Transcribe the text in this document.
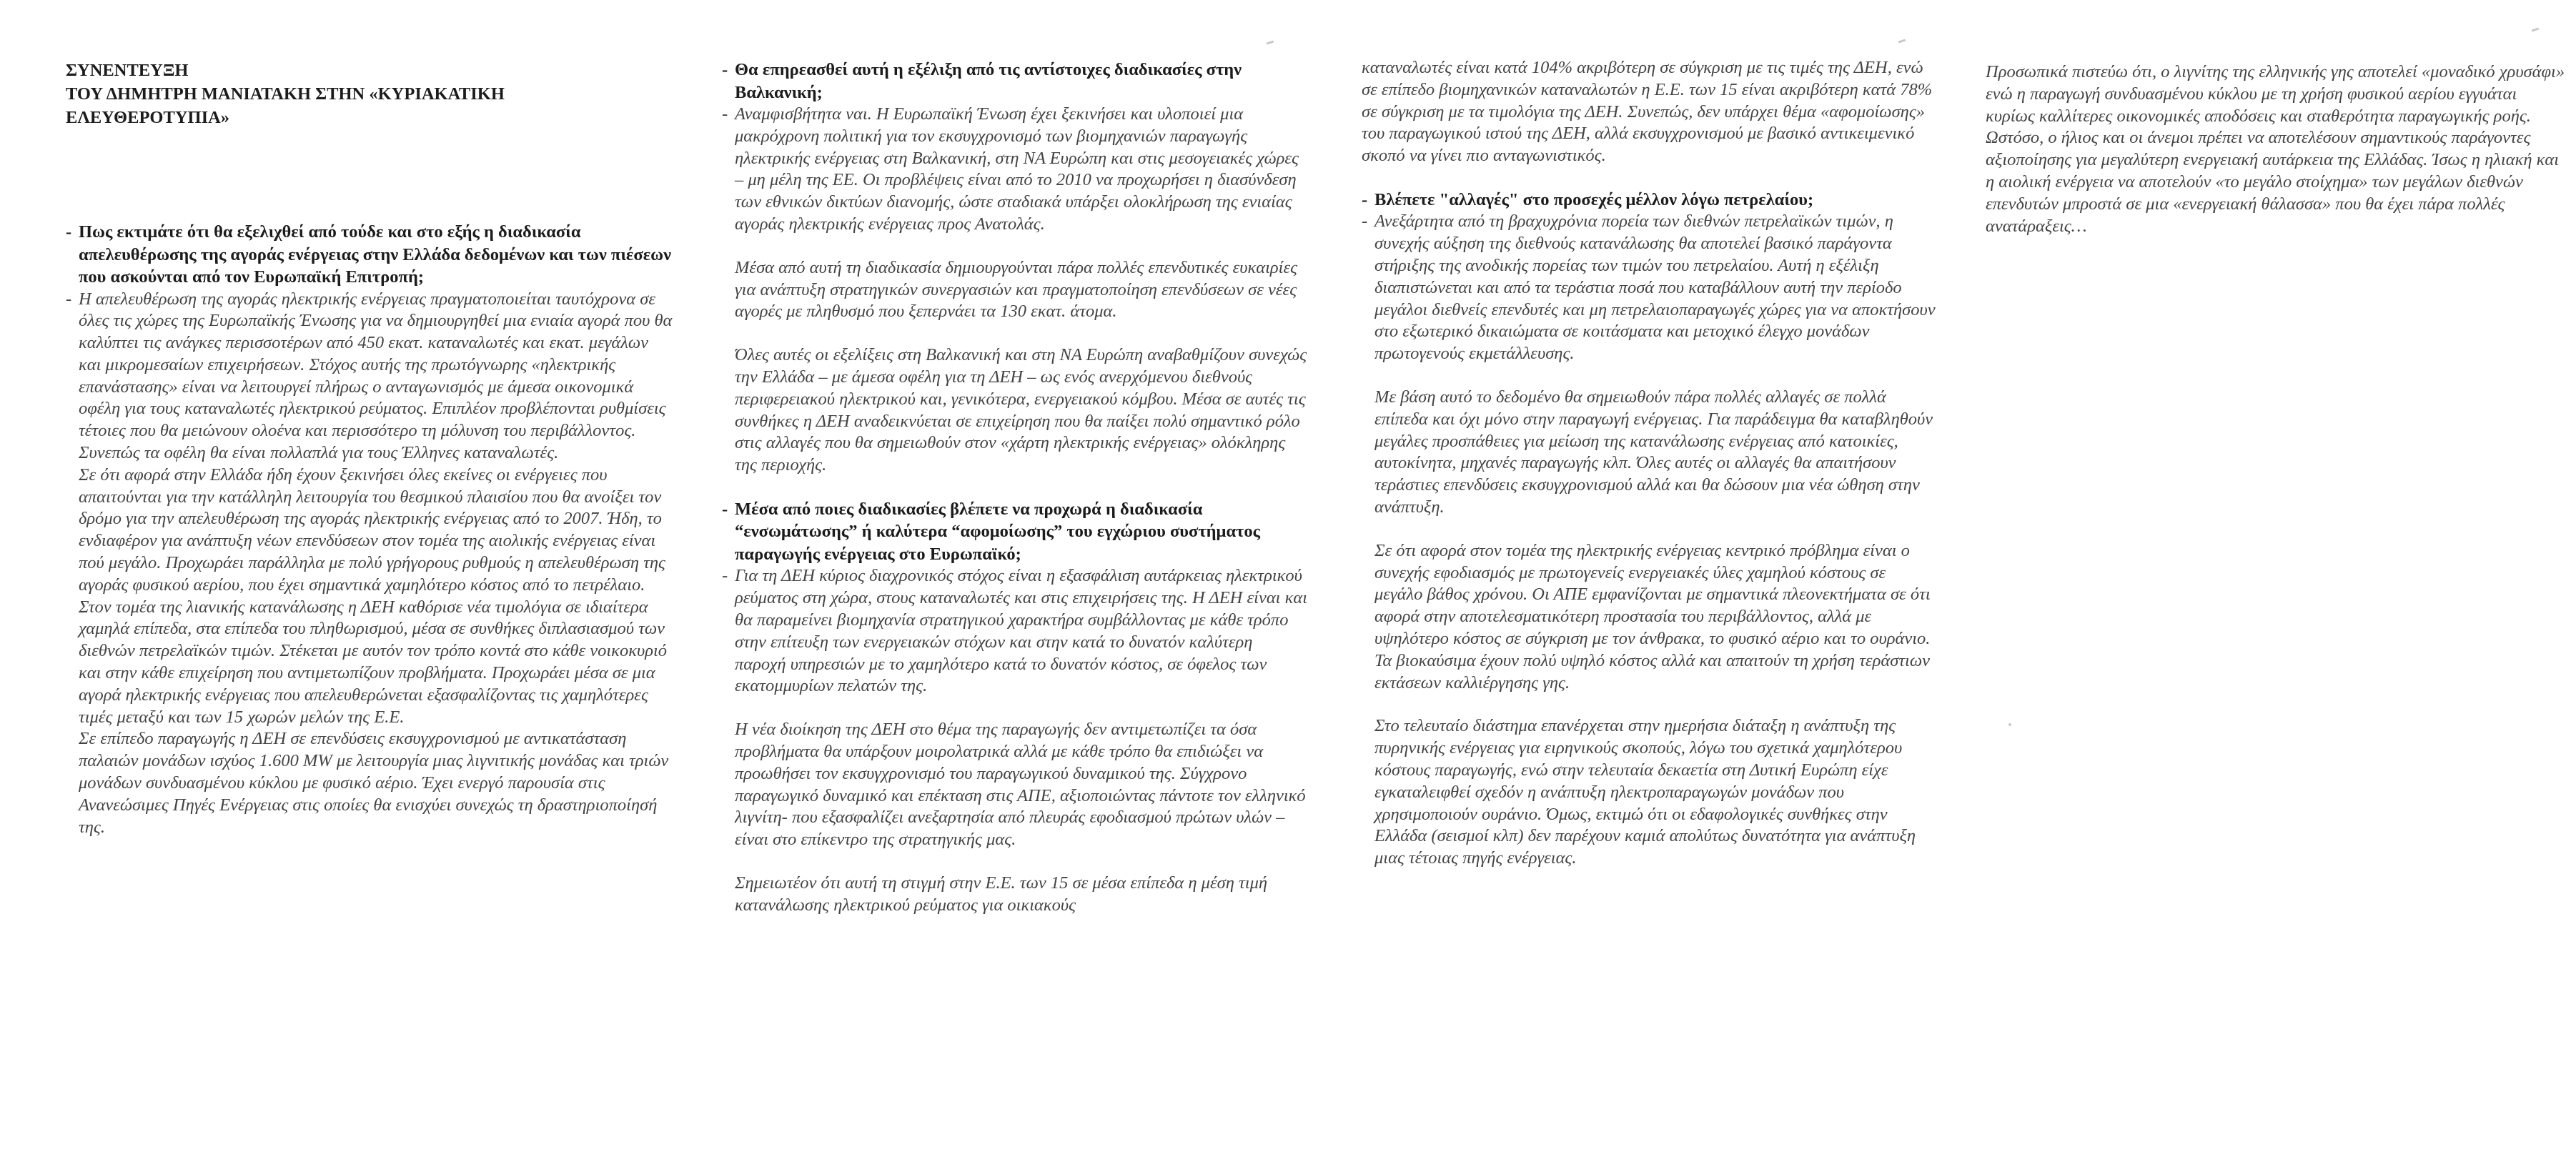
ΣΥΝΕΝΤΕΥΞΗ
ΤΟΥ ΔΗΜΗΤΡΗ ΜΑΝΙΑΤΑΚΗ ΣΤΗΝ «ΚΥΡΙΑΚΑΤΙΚΗ
ΕΛΕΥΘΕΡΟΤΥΠΙΑ»
- Πως εκτιμάτε ότι θα εξελιχθεί από τούδε και στο εξής η διαδικασία απελευθέρωσης της αγοράς ενέργειας στην Ελλάδα δεδομένων και των πιέσεων που ασκούνται από τον Ευρωπαϊκή Επιτροπή;

- Η απελευθέρωση της αγοράς ηλεκτρικής ενέργειας πραγματοποιείται ταυτόχρονα σε όλες τις χώρες της Ευρωπαϊκής Ένωσης για να δημιουργηθεί μια ενιαία αγορά που θα καλύπτει τις ανάγκες περισσοτέρων από 450 εκατ. καταναλωτές και εκατ. μεγάλων και μικρομεσαίων επιχειρήσεων. Στόχος αυτής της πρωτόγνωρης «ηλεκτρικής επανάστασης» είναι να λειτουργεί πλήρως ο ανταγωνισμός με άμεσα οικονομικά οφέλη για τους καταναλωτές ηλεκτρικού ρεύματος. Επιπλέον προβλέπονται ρυθμίσεις τέτοιες που θα μειώνουν ολοένα και περισσότερο τη μόλυνση του περιβάλλοντος. Συνεπώς τα οφέλη θα είναι πολλαπλά για τους Έλληνες καταναλωτές.

Σε ότι αφορά στην Ελλάδα ήδη έχουν ξεκινήσει όλες εκείνες οι ενέργειες που απαιτούνται για την κατάλληλη λειτουργία του θεσμικού πλαισίου που θα ανοίξει τον δρόμο για την απελευθέρωση της αγοράς ηλεκτρικής ενέργειας από το 2007. Ήδη, το ενδιαφέρον για ανάπτυξη νέων επενδύσεων στον τομέα της αιολικής ενέργειας είναι πού μεγάλο. Προχωράει παράλληλα με πολύ γρήγορους ρυθμούς η απελευθέρωση της αγοράς φυσικού αερίου, που έχει σημαντικά χαμηλότερο κόστος από το πετρέλαιο.

Στον τομέα της λιανικής κατανάλωσης η ΔΕΗ καθόρισε νέα τιμολόγια σε ιδιαίτερα χαμηλά επίπεδα, στα επίπεδα του πληθωρισμού, μέσα σε συνθήκες διπλασιασμού των διεθνών πετρελαϊκών τιμών. Στέκεται με αυτόν τον τρόπο κοντά στο κάθε νοικοκυριό και στην κάθε επιχείρηση που αντιμετωπίζουν προβλήματα. Προχωράει μέσα σε μια αγορά ηλεκτρικής ενέργειας που απελευθερώνεται εξασφαλίζοντας τις χαμηλότερες τιμές μεταξύ και των 15 χωρών μελών της Ε.Ε.

Σε επίπεδο παραγωγής η ΔΕΗ σε επενδύσεις εκσυγχρονισμού με αντικατάσταση παλαιών μονάδων ισχύος 1.600 MW με λειτουργία μιας λιγνιτικής μονάδας και τριών μονάδων συνδυασμένου κύκλου με φυσικό αέριο. Έχει ενεργό παρουσία στις Ανανεώσιμες Πηγές Ενέργειας στις οποίες θα ενισχύει συνεχώς τη δραστηριοποίησή της.

- Θα επηρεασθεί αυτή η εξέλιξη από τις αντίστοιχες διαδικασίες στην Βαλκανική;

- Αναμφισβήτητα ναι. Η Ευρωπαϊκή Ένωση έχει ξεκινήσει και υλοποιεί μια μακρόχρονη πολιτική για τον εκσυγχρονισμό των βιομηχανιών παραγωγής ηλεκτρικής ενέργειας στη Βαλκανική, στη ΝΑ Ευρώπη και στις μεσογειακές χώρες – μη μέλη της ΕΕ. Οι προβλέψεις είναι από το 2010 να προχωρήσει η διασύνδεση των εθνικών δικτύων διανομής, ώστε σταδιακά υπάρξει ολοκλήρωση της ενιαίας αγοράς ηλεκτρικής ενέργειας προς Ανατολάς.

Μέσα από αυτή τη διαδικασία δημιουργούνται πάρα πολλές επενδυτικές ευκαιρίες για ανάπτυξη στρατηγικών συνεργασιών και πραγματοποίηση επενδύσεων σε νέες αγορές με πληθυσμό που ξεπερνάει τα 130 εκατ. άτομα.

Όλες αυτές οι εξελίξεις στη Βαλκανική και στη ΝΑ Ευρώπη αναβαθμίζουν συνεχώς την Ελλάδα – με άμεσα οφέλη για τη ΔΕΗ – ως ενός ανερχόμενου διεθνούς περιφερειακού ηλεκτρικού και, γενικότερα, ενεργειακού κόμβου. Μέσα σε αυτές τις συνθήκες η ΔΕΗ αναδεικνύεται σε επιχείρηση που θα παίξει πολύ σημαντικό ρόλο στις αλλαγές που θα σημειωθούν στον «χάρτη ηλεκτρικής ενέργειας» ολόκληρης της περιοχής.

- Μέσα από ποιες διαδικασίες βλέπετε να προχωρά η διαδικασία “ενσωμάτωσης” ή καλύτερα “αφομοίωσης” του εγχώριου συστήματος παραγωγής ενέργειας στο Ευρωπαϊκό;

- Για τη ΔΕΗ κύριος διαχρονικός στόχος είναι η εξασφάλιση αυτάρκειας ηλεκτρικού ρεύματος στη χώρα, στους καταναλωτές και στις επιχειρήσεις της. Η ΔΕΗ είναι και θα παραμείνει βιομηχανία στρατηγικού χαρακτήρα συμβάλλοντας με κάθε τρόπο στην επίτευξη των ενεργειακών στόχων και στην κατά το δυνατόν καλύτερη παροχή υπηρεσιών με το χαμηλότερο κατά το δυνατόν κόστος, σε όφελος των εκατομμυρίων πελατών της.

Η νέα διοίκηση της ΔΕΗ στο θέμα της παραγωγής δεν αντιμετωπίζει τα όσα προβλήματα θα υπάρξουν μοιρολατρικά αλλά με κάθε τρόπο θα επιδιώξει να προωθήσει τον εκσυγχρονισμό του παραγωγικού δυναμικού της. Σύγχρονο παραγωγικό δυναμικό και επέκταση στις ΑΠΕ, αξιοποιώντας πάντοτε τον ελληνικό λιγνίτη- που εξασφαλίζει ανεξαρτησία από πλευράς εφοδιασμού πρώτων υλών – είναι στο επίκεντρο της στρατηγικής μας.

Σημειωτέον ότι αυτή τη στιγμή στην Ε.Ε. των 15 σε μέσα επίπεδα η μέση τιμή κατανάλωσης ηλεκτρικού ρεύματος για οικιακούς

καταναλωτές είναι κατά 104% ακριβότερη σε σύγκριση με τις τιμές της ΔΕΗ, ενώ σε επίπεδο βιομηχανικών καταναλωτών η Ε.Ε. των 15 είναι ακριβότερη κατά 78% σε σύγκριση με τα τιμολόγια της ΔΕΗ. Συνεπώς, δεν υπάρχει θέμα «αφομοίωσης» του παραγωγικού ιστού της ΔΕΗ, αλλά εκσυγχρονισμού με βασικό αντικειμενικό σκοπό να γίνει πιο ανταγωνιστικός.

- Βλέπετε "αλλαγές" στο προσεχές μέλλον λόγω πετρελαίου;

- Ανεξάρτητα από τη βραχυχρόνια πορεία των διεθνών πετρελαϊκών τιμών, η συνεχής αύξηση της διεθνούς κατανάλωσης θα αποτελεί βασικό παράγοντα στήριξης της ανοδικής πορείας των τιμών του πετρελαίου. Αυτή η εξέλιξη διαπιστώνεται και από τα τεράστια ποσά που καταβάλλουν αυτή την περίοδο μεγάλοι διεθνείς επενδυτές και μη πετρελαιοπαραγωγές χώρες για να αποκτήσουν στο εξωτερικό δικαιώματα σε κοιτάσματα και μετοχικό έλεγχο μονάδων πρωτογενούς εκμετάλλευσης.

Με βάση αυτό το δεδομένο θα σημειωθούν πάρα πολλές αλλαγές σε πολλά επίπεδα και όχι μόνο στην παραγωγή ενέργειας. Για παράδειγμα θα καταβληθούν μεγάλες προσπάθειες για μείωση της κατανάλωσης ενέργειας από κατοικίες, αυτοκίνητα, μηχανές παραγωγής κλπ. Όλες αυτές οι αλλαγές θα απαιτήσουν τεράστιες επενδύσεις εκσυγχρονισμού αλλά και θα δώσουν μια νέα ώθηση στην ανάπτυξη.

Σε ότι αφορά στον τομέα της ηλεκτρικής ενέργειας κεντρικό πρόβλημα είναι ο συνεχής εφοδιασμός με πρωτογενείς ενεργειακές ύλες χαμηλού κόστους σε μεγάλο βάθος χρόνου. Οι ΑΠΕ εμφανίζονται με σημαντικά πλεονεκτήματα σε ότι αφορά στην αποτελεσματικότερη προστασία του περιβάλλοντος, αλλά με υψηλότερο κόστος σε σύγκριση με τον άνθρακα, το φυσικό αέριο και το ουράνιο. Τα βιοκαύσιμα έχουν πολύ υψηλό κόστος αλλά και απαιτούν τη χρήση τεράστιων εκτάσεων καλλιέργησης γης.

Στο τελευταίο διάστημα επανέρχεται στην ημερήσια διάταξη η ανάπτυξη της πυρηνικής ενέργειας για ειρηνικούς σκοπούς, λόγω του σχετικά χαμηλότερου κόστους παραγωγής, ενώ στην τελευταία δεκαετία στη Δυτική Ευρώπη είχε εγκαταλειφθεί σχεδόν η ανάπτυξη ηλεκτροπαραγωγών μονάδων που χρησιμοποιούν ουράνιο. Όμως, εκτιμώ ότι οι εδαφολογικές συνθήκες στην Ελλάδα (σεισμοί κλπ) δεν παρέχουν καμιά απολύτως δυνατότητα για ανάπτυξη μιας τέτοιας πηγής ενέργειας.

Προσωπικά πιστεύω ότι, ο λιγνίτης της ελληνικής γης αποτελεί «μοναδικό χρυσάφι» ενώ η παραγωγή συνδυασμένου κύκλου με τη χρήση φυσικού αερίου εγγυάται κυρίως καλλίτερες οικονομικές αποδόσεις και σταθερότητα παραγωγικής ροής. Ωστόσο, ο ήλιος και οι άνεμοι πρέπει να αποτελέσουν σημαντικούς παράγοντες αξιοποίησης για μεγαλύτερη ενεργειακή αυτάρκεια της Ελλάδας. Ίσως η ηλιακή και η αιολική ενέργεια να αποτελούν «το μεγάλο στοίχημα» των μεγάλων διεθνών επενδυτών μπροστά σε μια «ενεργειακή θάλασσα» που θα έχει πάρα πολλές ανατάραξεις…
